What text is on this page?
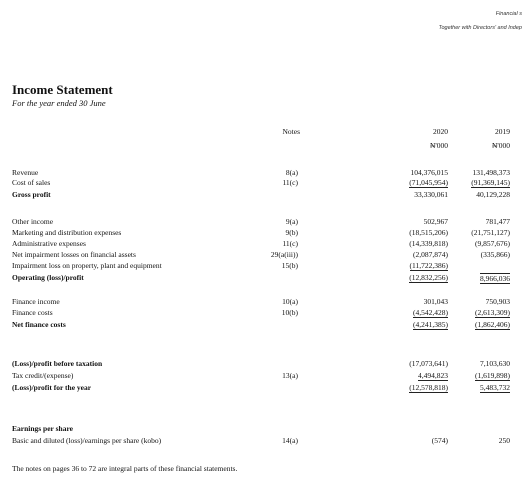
Financial s
Together with Directors' and Indep
Income Statement
For the year ended 30 June
Notes	2020	2019
₦'000	₦'000
Revenue	8(a)	104,376,015	131,498,373
Cost of sales	11(c)	(71,045,954)	(91,369,145)
Gross profit	33,330,061	40,129,228
Other income	9(a)	502,967	781,477
Marketing and distribution expenses	9(b)	(18,515,206)	(21,751,127)
Administrative expenses	11(c)	(14,339,818)	(9,857,676)
Net impairment losses on financial assets	29(a(iii))	(2,087,874)	(335,866)
Impairment loss on property, plant and equipment	15(b)	(11,722,386)
Operating (loss)/profit	(12,832,256)	8,966,036
Finance income	10(a)	301,043	750,903
Finance costs	10(b)	(4,542,428)	(2,613,309)
Net finance costs	(4,241,385)	(1,862,406)
(Loss)/profit before taxation	(17,073,641)	7,103,630
Tax credit/(expense)	13(a)	4,494,823	(1,619,898)
(Loss)/profit for the year	(12,578,818)	5,483,732
Earnings per share
Basic and diluted (loss)/earnings per share (kobo)	14(a)	(574)	250
The notes on pages 36 to 72 are integral parts of these financial statements.
